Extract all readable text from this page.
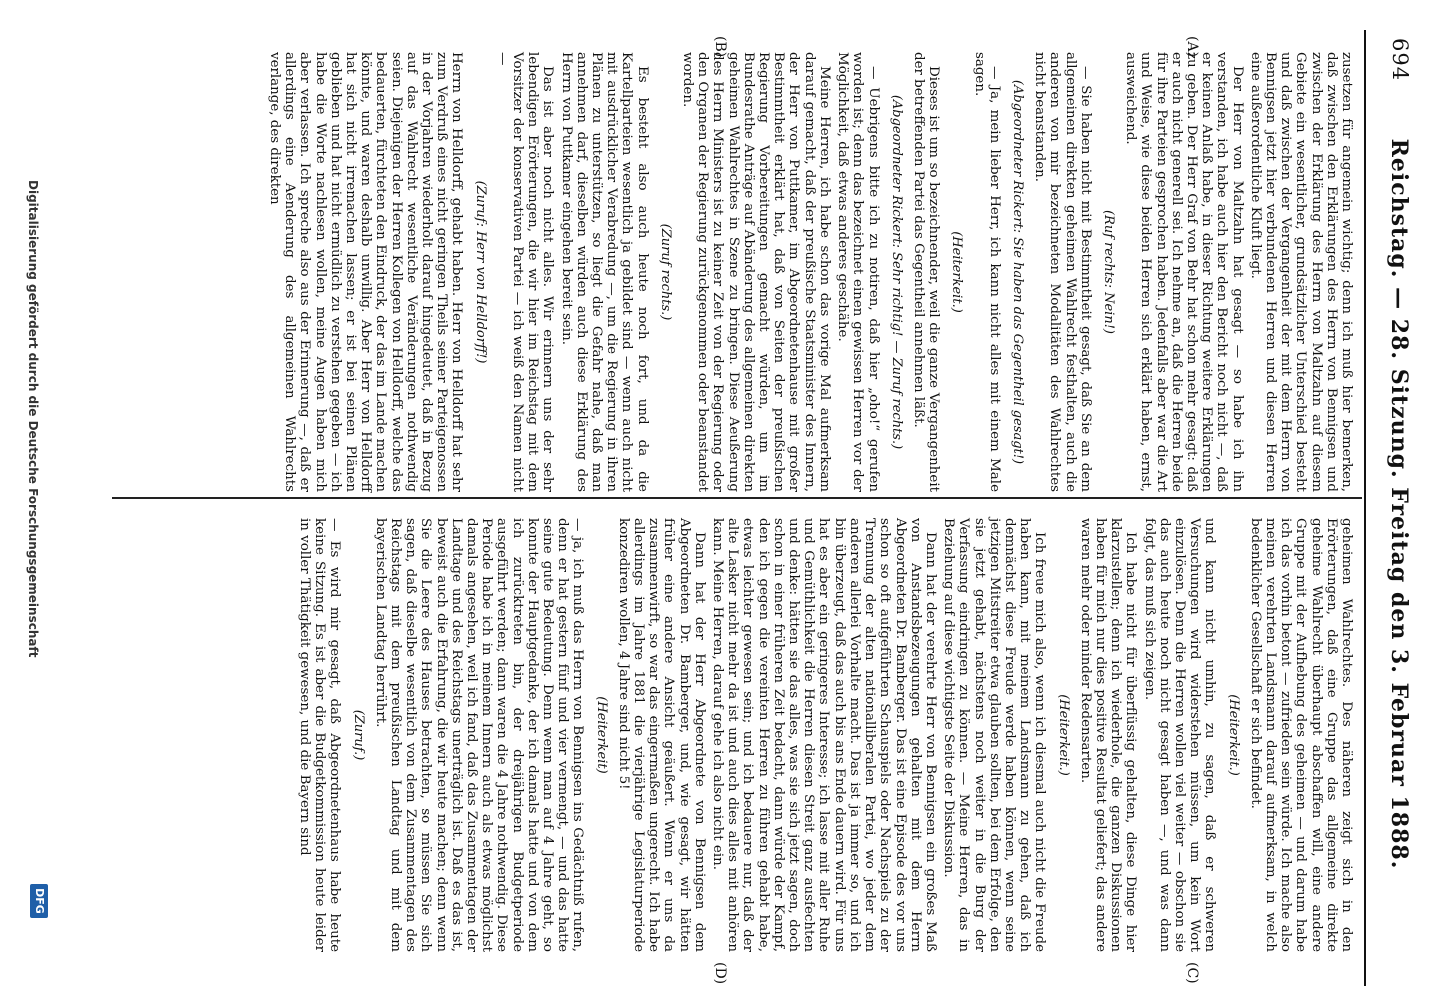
694
Reichstag. — 28. Sitzung. Freitag den 3. Februar 1888.
(A)
(B)
(C)
(D)

zusetzen für angemein wichtig; denn ich muß hier bemerken, daß zwischen den Erklärungen des Herrn von Bennigsen und zwischen der Erklärung des Herrn von Maltzahn auf diesem Gebiete ein wesentlicher, grundsätzlicher Unterschied besteht und daß zwischen der Vergangenheit der mit dem Herrn von Bennigsen jetzt hier verbundenen Herren und diesen Herren eine außerordentliche Kluft liegt.

Der Herr von Maltzahn hat gesagt — so habe ich ihn verstanden, ich habe auch hier den Bericht noch nicht —, daß er keinen Anlaß habe, in dieser Richtung weitere Erklärungen zu geben. Der Herr Graf von Behr hat schon mehr gesagt: daß er auch nicht generell sei. Ich nehme an, daß die Herren beide für ihre Parteien gesprochen haben. Jedenfalls aber war die Art und Weise, wie diese beiden Herren sich erklärt haben, ernst, ausweichend.

(Ruf rechts: Nein!)

— Sie haben nicht mit Bestimmtheit gesagt, daß Sie an dem allgemeinen direkten geheimen Wahlrecht festhalten, auch die anderen von mir bezeichneten Modalitäten des Wahlrechtes nicht beanstanden.

(Abgeordneter Rickert: Sie haben das Gegentheil gesagt!)

— Ja, mein lieber Herr, ich kann nicht alles mit einem Male sagen.

(Heiterkeit.)

Dieses ist um so bezeichnender, weil die ganze Vergangenheit der betreffenden Partei das Gegentheil annehmen läßt.

(Abgeordneter Rickert: Sehr richtig! — Zuruf rechts.)

— Uebrigens bitte ich zu notiren, daß hier „oho!“ gerufen worden ist; denn das bezeichnet einen gewissen Herren vor der Möglichkeit, daß etwas anderes geschähe.

Meine Herren, ich habe schon das vorige Mal aufmerksam darauf gemacht, daß der preußische Staatsminister des Innern, der Herr von Puttkamer, im Abgeordnetenhause mit großer Bestimmtheit erklärt hat, daß von Seiten der preußischen Regierung Vorbereitungen gemacht würden, um im Bundesrathe Anträge auf Abänderung des allgemeinen direkten geheimen Wahlrechtes in Szene zu bringen. Diese Aeußerung des Herrn Ministers ist zu keiner Zeit von der Regierung oder den Organen der Regierung zurückgenommen oder beanstandet worden.

(Zuruf rechts.)

Es besteht also auch heute noch fort, und da die Kartellparteien wesentlich ja gebildet sind — wenn auch nicht mit ausdrücklicher Verabredung —, um die Regierung in ihren Plänen zu unterstützen, so liegt die Gefahr nahe, daß man annehmen darf, dieselben würden auch diese Erklärung des Herrn von Puttkamer eingehen bereit sein.

Das ist aber noch nicht alles. Wir erinnern uns der sehr lebendigen Erörterungen, die wir hier im Reichstag mit dem Vorsitzer der konservativen Partei — ich weiß den Namen nicht —

(Zuruf: Herr von Helldorff!)

Herrn von Helldorff, gehabt haben. Herr von Helldorff hat sehr zum Verdruß eines nicht geringen Theils seiner Parteigenossen in der Vorjahren wiederholt darauf hingedeutet, daß in Bezug auf das Wahlrecht wesentliche Veränderungen nothwendig seien. Diejenigen der Herren Kollegen von Helldorff, welche das bedauerten, fürchteten den Eindruck, der das im Lande machen könnte, und waren deshalb unwillig. Aber Herr von Helldorff hat sich nicht irremachen lassen; er ist bei seinen Plänen geblieben und hat nicht ermüdlich zu verstehen gegeben — ich habe die Worte nachlesen wollen, meine Augen haben mich aber verlassen. Ich spreche also aus der Erinnerung —, daß er allerdings eine Aenderung des allgemeinen Wahlrechts verlange, des direkten

geheimen Wahlrechtes. Des näheren zeigt sich in den Erörterungen, daß eine Gruppe das allgemeine direkte geheime Wahlrecht überhaupt abschaffen will, eine andere Gruppe mit der Aufhebung des geheimen — und darum habe ich das vorhin betont — zufrieden sein würde. Ich mache also meinen verehrten Landsmann darauf aufmerksam, in welch bedenklicher Gesellschaft er sich befindet.

(Heiterkeit.)

und kann nicht umhin, zu sagen, daß er schweren Versuchungen wird widerstehen müssen, um kein Wort einzulösen. Denn die Herren wollen viel weiter — obschon sie das auch heute noch nicht gesagt haben —, und was dann folgt, das muß sich zeigen.

Ich habe nicht für überflüssig gehalten, diese Dinge hier klarzustellen; denn ich wiederhole, die ganzen Diskussionen haben für mich nur dies positive Resultat geliefert; das andere waren mehr oder minder Redensarten.

(Heiterkeit.)

Ich freue mich also, wenn ich diesmal auch nicht die Freude haben kann, mit meinem Landsmann zu gehen, daß ich demnächst diese Freude werde haben können, wenn seine jetzigen Mitstreiter etwa glauben sollten, bei dem Erfolge, den sie jetzt gehabt, nächstens noch weiter in die Burg der Verfassung eindringen zu können. — Meine Herren, das in Beziehung auf diese wichtigste Seite der Diskussion.

Dann hat der verehrte Herr von Bennigsen ein großes Maß von Anstandsbezeugungen gehalten mit dem Herrn Abgeordneten Dr. Bamberger. Das ist eine Episode des vor uns schon so oft aufgeführten Schauspiels oder Nachspiels zu der Trennung der alten nationalliberalen Partei, wo jeder dem anderen allerlei Vorhalte macht. Das ist ja immer so, und ich bin überzeugt, daß das auch bis ans Ende dauern wird. Für uns hat es aber ein geringeres Interesse; ich lasse mit aller Ruhe und Gemüthlichkeit die Herren diesen Streit ganz ausfechten und denke: hätten sie das alles, was sie sich jetzt sagen, doch schon in einer früheren Zeit bedacht, dann würde der Kampf, den ich gegen die vereinten Herren zu führen gehabt habe, etwas leichter gewesen sein; und ich bedauere nur, daß der alte Lasker nicht mehr da ist und auch dies alles mit anhören kann. Meine Herren, darauf gehe ich also nicht ein.

Dann hat der Herr Abgeordnete von Bennigsen dem Abgeordneten Dr. Bamberger, und, wie gesagt, wir hätten früher eine andere Ansicht geäußert. Wenn er uns da zusammenwirft, so war das eingermaßen ungerecht. Ich habe allerdings im Jahre 1881 die vierjährige Legislaturperiode konzediren wollen, 4 Jahre sind nicht 5!

(Heiterkeit)

— ja, ich muß das Herrn von Bennigsen ins Gedächtniß rufen, denn er hat gestern fünf und vier vermengt, — und das hatte seine gute Bedeutung. Denn wenn man auf 4 Jahre geht, so konnte der Hauptgedanke, der ich damals hatte und von dem ich zurücktreten bin, der dreijährigen Budgetperiode ausgeführt werden; dann waren die 4 Jahre nothwendig. Diese Periode habe ich in meinem Innern auch als etwas möglichst damals angesehen, weil ich fand, daß das Zusammentagen der Landtage und des Reichstags unerträglich ist. Daß es das ist, beweist auch die Erfahrung, die wir heute machen; denn wenn Sie die Leere des Hauses betrachten, so müssen Sie sich sagen, daß dieselbe wesentlich von dem Zusammentagen des Reichstags mit dem preußischen Landtag und mit dem bayerischen Landtag herrührt.

(Zuruf.)

— Es wird mir gesagt, daß Abgeordnetenhaus habe heute keine Sitzung. Es ist aber die Budgetkommission heute leider in voller Thätigkeit gewesen, und die Bayern sind

Digitalisierung gefördert durch die Deutsche Forschungsgemeinschaft
DFG
